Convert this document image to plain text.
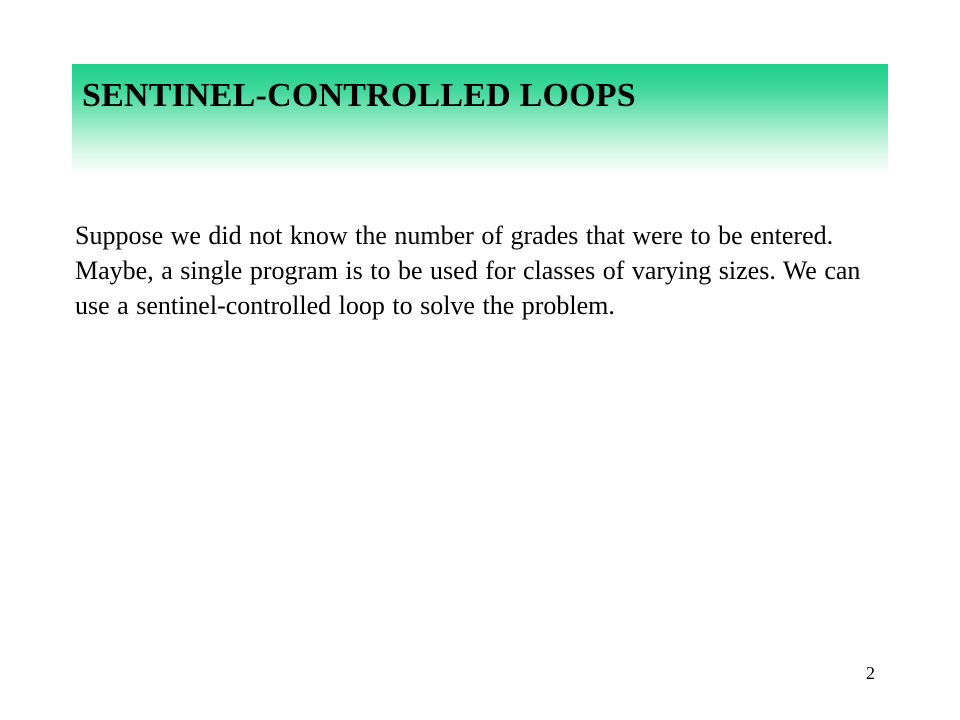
SENTINEL-CONTROLLED LOOPS

Suppose we did not know the number of grades that were to be entered. Maybe, a single program is to be used for classes of varying sizes. We can use a sentinel-controlled loop to solve the problem.

2
